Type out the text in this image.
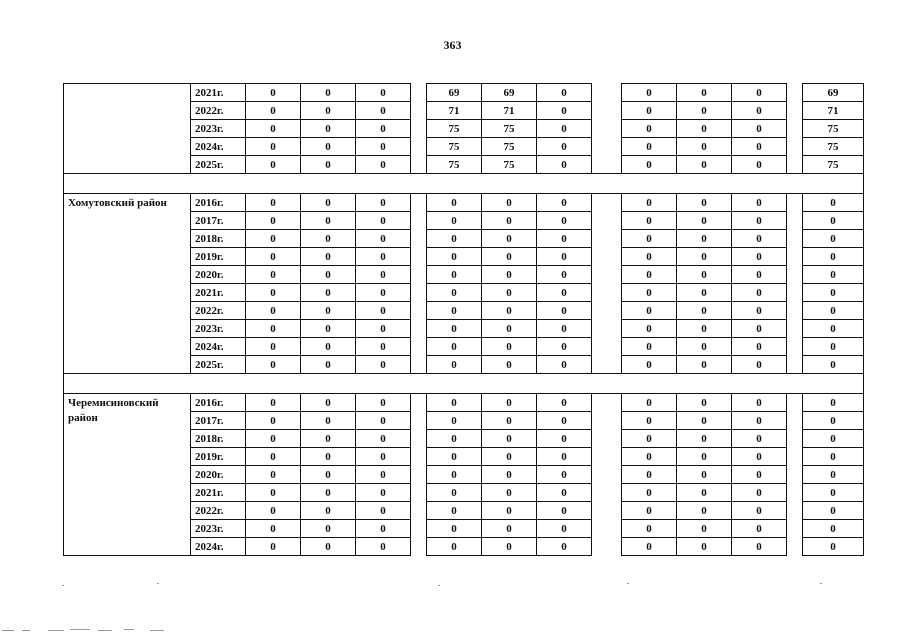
363
	2021г.	0	0	0		69	69	0		0	0	0		69
	2022г.	0	0	0		71	71	0		0	0	0		71
	2023г.	0	0	0		75	75	0		0	0	0		75
	2024г.	0	0	0		75	75	0		0	0	0		75
	2025г.	0	0	0		75	75	0		0	0	0		75

Хомутовский район	2016г.	0	0	0		0	0	0		0	0	0		0
	2017г.	0	0	0		0	0	0		0	0	0		0
	2018г.	0	0	0		0	0	0		0	0	0		0
	2019г.	0	0	0		0	0	0		0	0	0		0
	2020г.	0	0	0		0	0	0		0	0	0		0
	2021г.	0	0	0		0	0	0		0	0	0		0
	2022г.	0	0	0		0	0	0		0	0	0		0
	2023г.	0	0	0		0	0	0		0	0	0		0
	2024г.	0	0	0		0	0	0		0	0	0		0
	2025г.	0	0	0		0	0	0		0	0	0		0

Черемисиновский район	2016г.	0	0	0		0	0	0		0	0	0		0
	2017г.	0	0	0		0	0	0		0	0	0		0
	2018г.	0	0	0		0	0	0		0	0	0		0
	2019г.	0	0	0		0	0	0		0	0	0		0
	2020г.	0	0	0		0	0	0		0	0	0		0
	2021г.	0	0	0		0	0	0		0	0	0		0
	2022г.	0	0	0		0	0	0		0	0	0		0
	2023г.	0	0	0		0	0	0		0	0	0		0
	2024г.	0	0	0		0	0	0		0	0	0		0
